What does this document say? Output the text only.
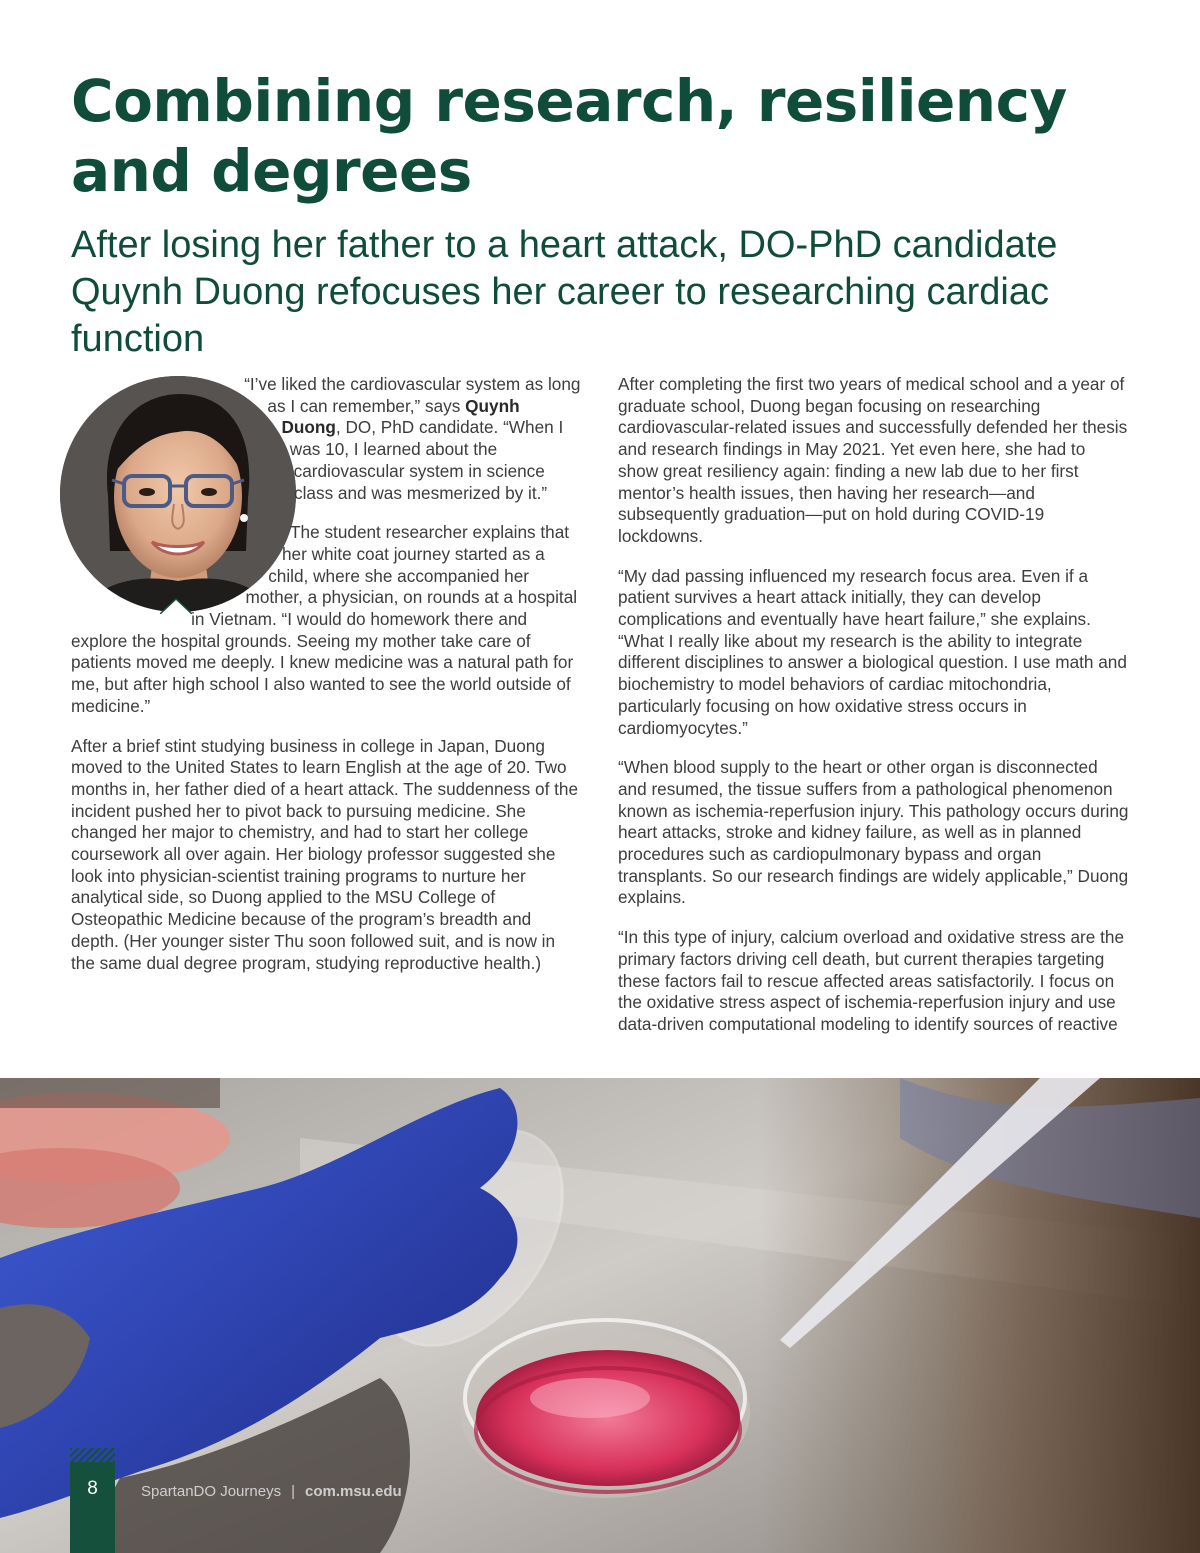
Combining research, resiliency and degrees
After losing her father to a heart attack, DO-PhD candidate Quynh Duong refocuses her career to researching cardiac function

“I’ve liked the cardiovascular system as long as I can remember,” says Quynh Duong, DO, PhD candidate. “When I was 10, I learned about the cardiovascular system in science class and was mesmerized by it.”

The student researcher explains that her white coat journey started as a child, where she accompanied her mother, a physician, on rounds at a hospital in Vietnam. “I would do homework there and explore the hospital grounds. Seeing my mother take care of patients moved me deeply. I knew medicine was a natural path for me, but after high school I also wanted to see the world outside of medicine.”

After a brief stint studying business in college in Japan, Duong moved to the United States to learn English at the age of 20. Two months in, her father died of a heart attack. The suddenness of the incident pushed her to pivot back to pursuing medicine. She changed her major to chemistry, and had to start her college coursework all over again. Her biology professor suggested she look into physician-scientist training programs to nurture her analytical side, so Duong applied to the MSU College of Osteopathic Medicine because of the program’s breadth and depth. (Her younger sister Thu soon followed suit, and is now in the same dual degree program, studying reproductive health.)

After completing the first two years of medical school and a year of graduate school, Duong began focusing on researching cardiovascular-related issues and successfully defended her thesis and research findings in May 2021. Yet even here, she had to show great resiliency again: finding a new lab due to her first mentor’s health issues, then having her research—and subsequently graduation—put on hold during COVID-19 lockdowns.

“My dad passing influenced my research focus area. Even if a patient survives a heart attack initially, they can develop complications and eventually have heart failure,” she explains. “What I really like about my research is the ability to integrate different disciplines to answer a biological question. I use math and biochemistry to model behaviors of cardiac mitochondria, particularly focusing on how oxidative stress occurs in cardiomyocytes.”

“When blood supply to the heart or other organ is disconnected and resumed, the tissue suffers from a pathological phenomenon known as ischemia-reperfusion injury. This pathology occurs during heart attacks, stroke and kidney failure, as well as in planned procedures such as cardiopulmonary bypass and organ transplants. So our research findings are widely applicable,” Duong explains.

“In this type of injury, calcium overload and oxidative stress are the primary factors driving cell death, but current therapies targeting these factors fail to rescue affected areas satisfactorily. I focus on the oxidative stress aspect of ischemia-reperfusion injury and use data-driven computational modeling to identify sources of reactive

8	SpartanDO Journeys | com.msu.edu
